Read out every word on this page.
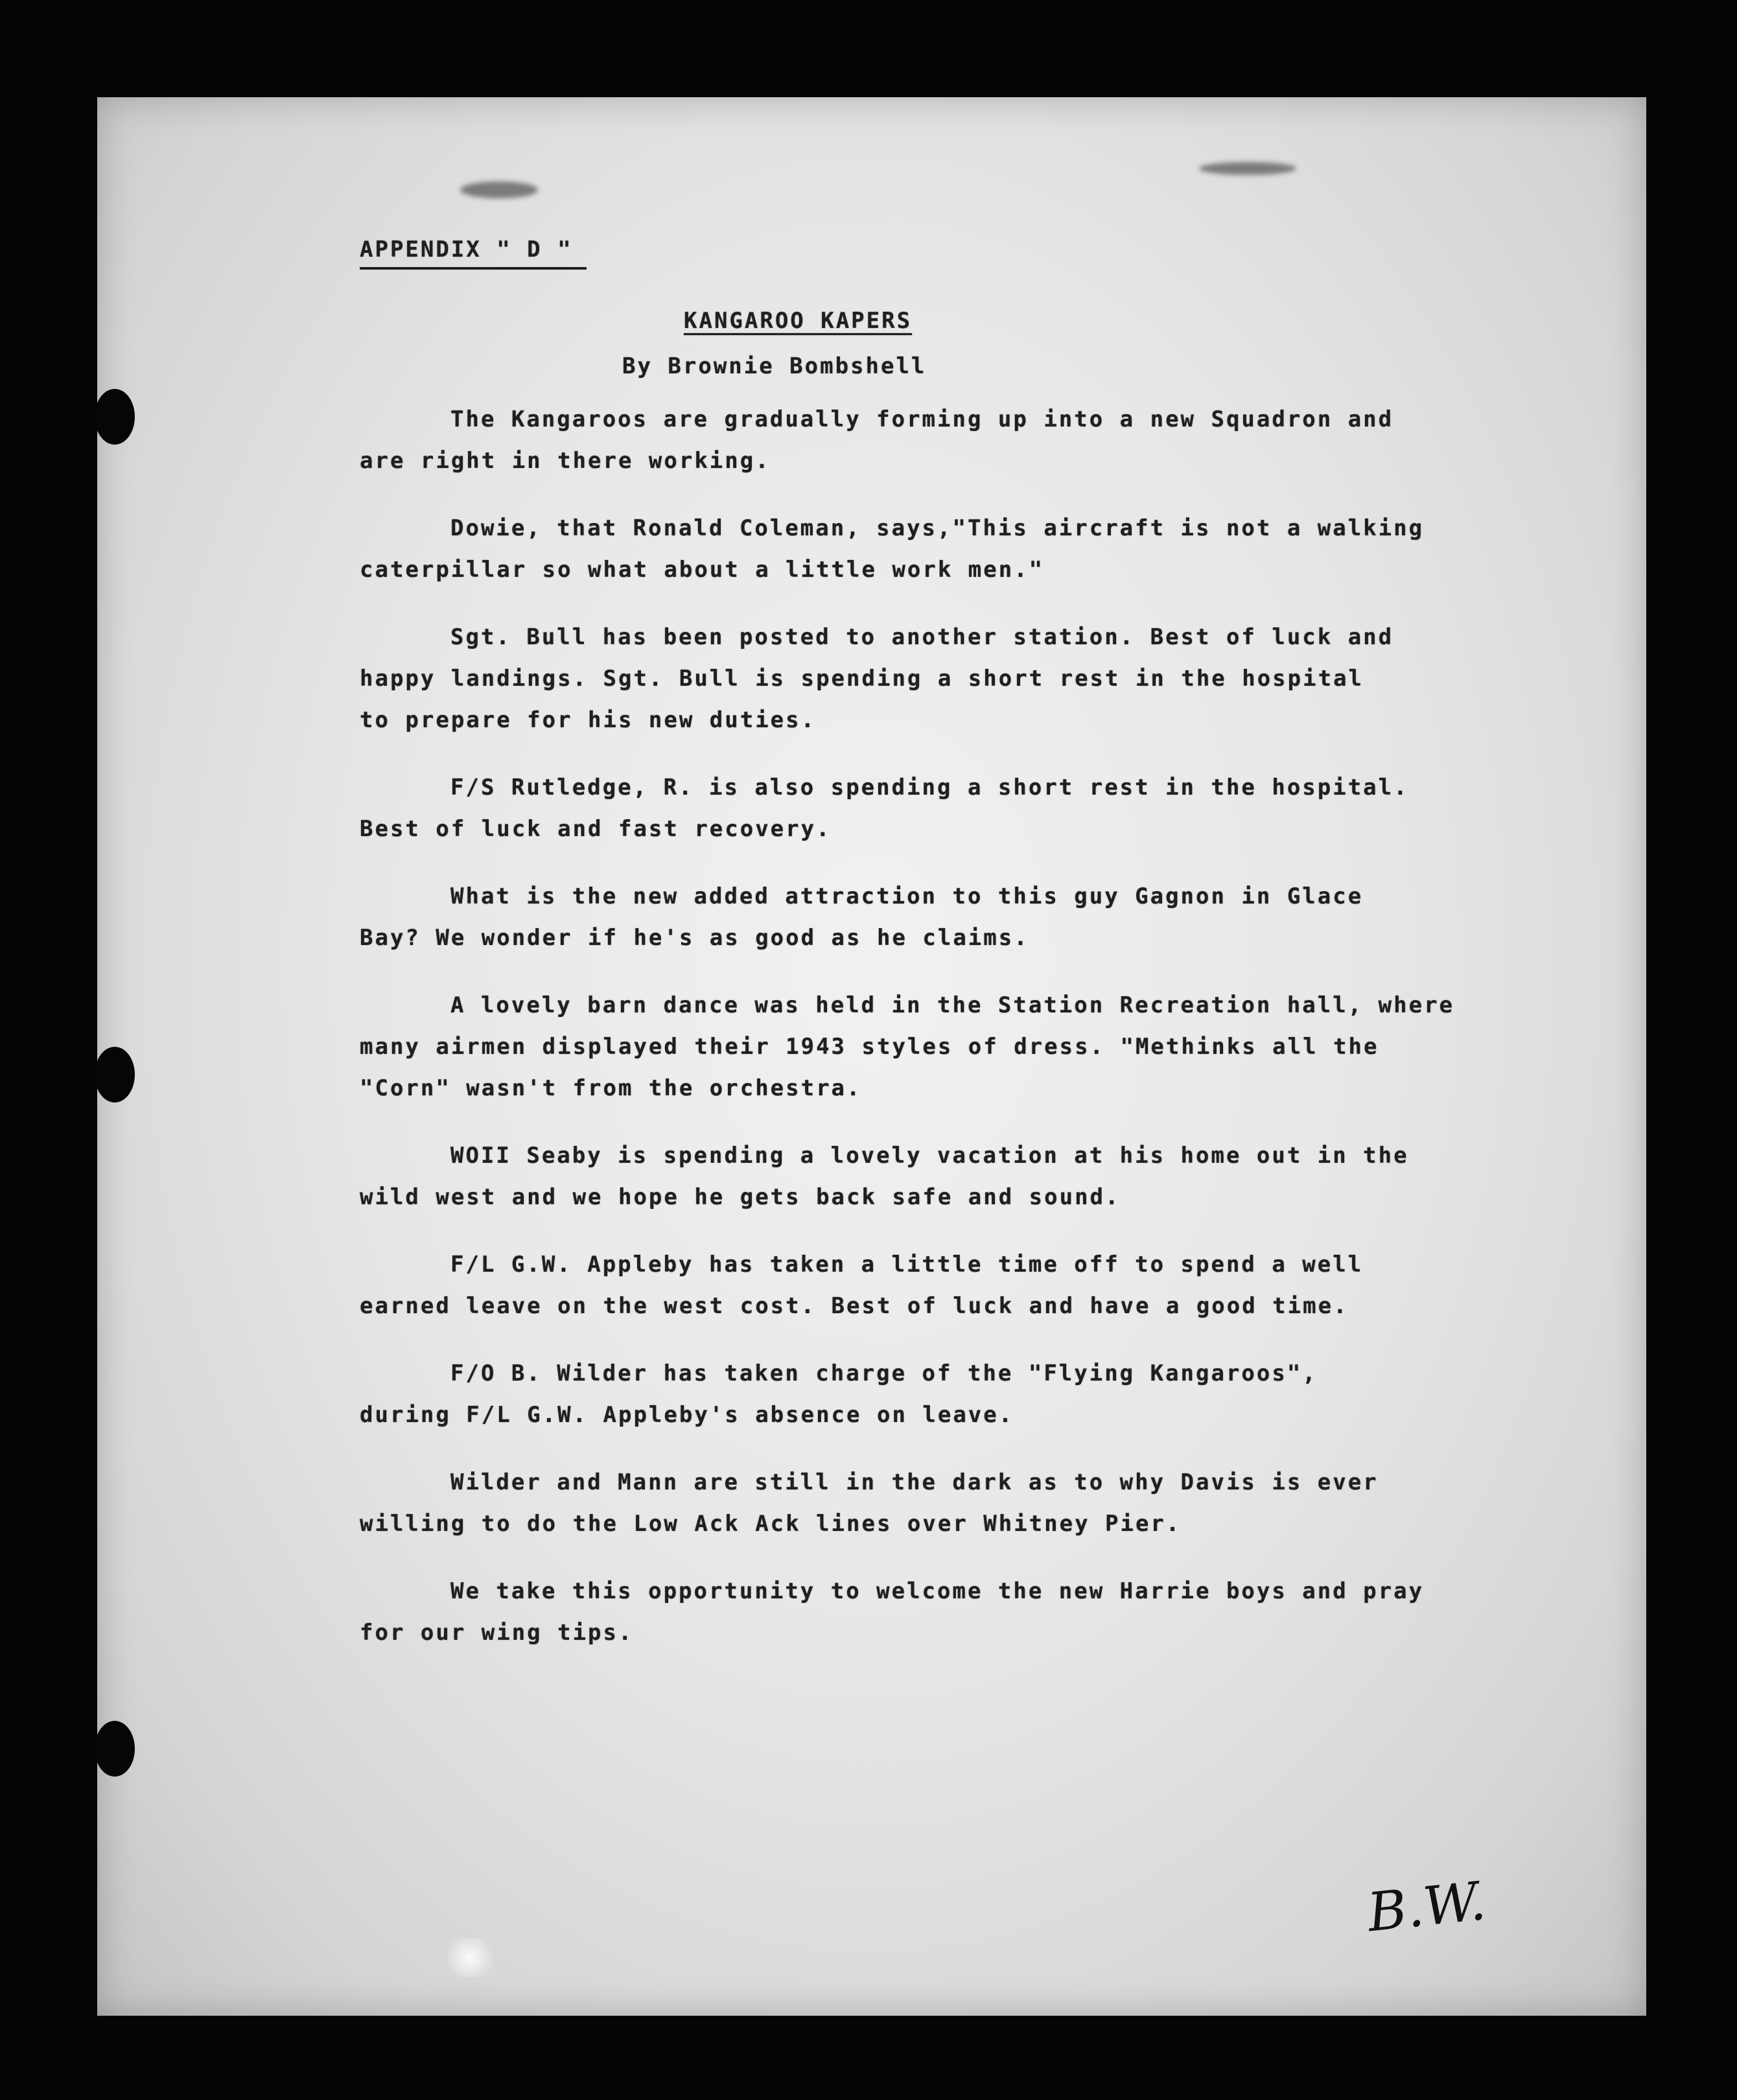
APPENDIX " D "
KANGAROO KAPERS
By Brownie Bombshell

The Kangaroos are gradually forming up into a new Squadron and
are right in there working.

Dowie, that Ronald Coleman, says,"This aircraft is not a walking
caterpillar so what about a little work men."

Sgt. Bull has been posted to another station. Best of luck and
happy landings. Sgt. Bull is spending a short rest in the hospital
to prepare for his new duties.

F/S Rutledge, R. is also spending a short rest in the hospital.
Best of luck and fast recovery.

What is the new added attraction to this guy Gagnon in Glace
Bay? We wonder if he's as good as he claims.

A lovely barn dance was held in the Station Recreation hall, where
many airmen displayed their 1943 styles of dress. "Methinks all the
"Corn" wasn't from the orchestra.

WOII Seaby is spending a lovely vacation at his home out in the
wild west and we hope he gets back safe and sound.

F/L G.W. Appleby has taken a little time off to spend a well
earned leave on the west cost. Best of luck and have a good time.

F/O B. Wilder has taken charge of the "Flying Kangaroos",
during F/L G.W. Appleby's absence on leave.

Wilder and Mann are still in the dark as to why Davis is ever
willing to do the Low Ack Ack lines over Whitney Pier.

We take this opportunity to welcome the new Harrie boys and pray
for our wing tips.

B.W.
